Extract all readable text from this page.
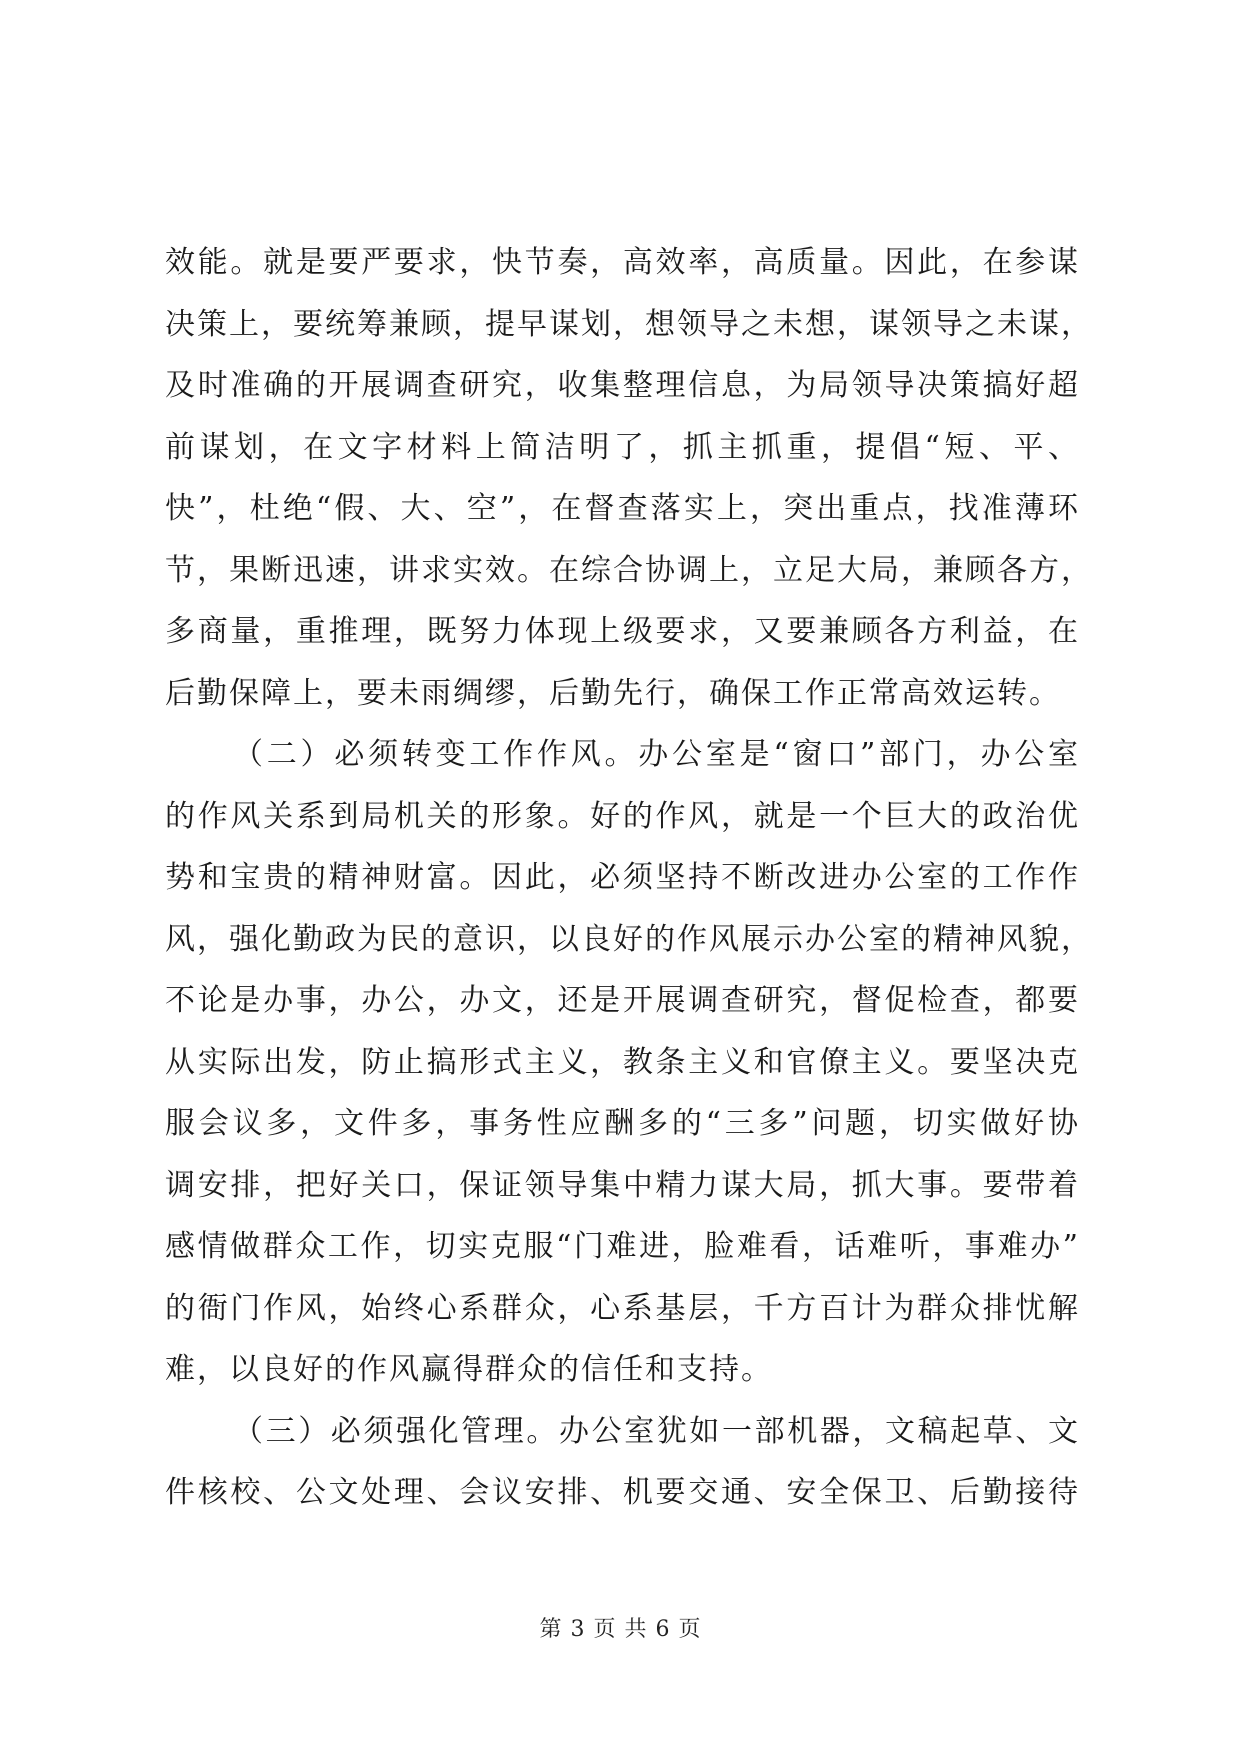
效能。就是要严要求，快节奏，高效率，高质量。因此，在参谋
决策上，要统筹兼顾，提早谋划，想领导之未想，谋领导之未谋，
及时准确的开展调查研究，收集整理信息，为局领导决策搞好超
前谋划，在文字材料上简洁明了，抓主抓重，提倡“短、平、
快”，杜绝“假、大、空”，在督查落实上，突出重点，找准薄环
节，果断迅速，讲求实效。在综合协调上，立足大局，兼顾各方，
多商量，重推理，既努力体现上级要求，又要兼顾各方利益，在
后勤保障上，要未雨绸缪，后勤先行，确保工作正常高效运转。
（二）必须转变工作作风。办公室是“窗口”部门，办公室
的作风关系到局机关的形象。好的作风，就是一个巨大的政治优
势和宝贵的精神财富。因此，必须坚持不断改进办公室的工作作
风，强化勤政为民的意识，以良好的作风展示办公室的精神风貌，
不论是办事，办公，办文，还是开展调查研究，督促检查，都要
从实际出发，防止搞形式主义，教条主义和官僚主义。要坚决克
服会议多，文件多，事务性应酬多的“三多”问题，切实做好协
调安排，把好关口，保证领导集中精力谋大局，抓大事。要带着
感情做群众工作，切实克服“门难进，脸难看，话难听，事难办”
的衙门作风，始终心系群众，心系基层，千方百计为群众排忧解
难，以良好的作风赢得群众的信任和支持。
（三）必须强化管理。办公室犹如一部机器，文稿起草、文
件核校、公文处理、会议安排、机要交通、安全保卫、后勤接待
第 3 页 共 6 页
